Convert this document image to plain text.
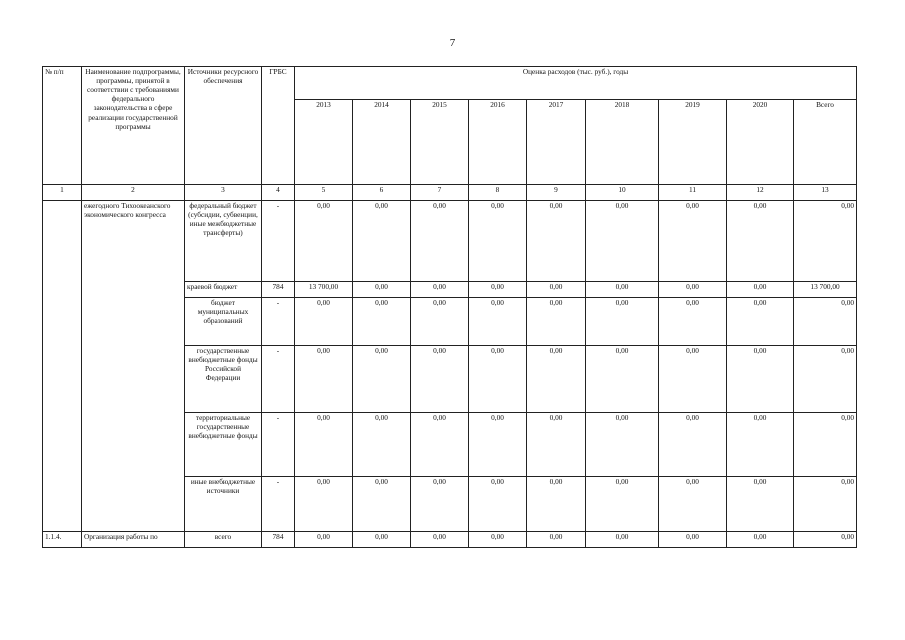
7
№ п/п	Наименование подпрограммы, программы, принятой в соответствии с требованиями федерального законодательства в сфере реализации государственной программы	Источники ресурсного обеспечения	ГРБС	Оценка расходов (тыс. руб.), годы								
				2013	2014	2015	2016	2017	2018	2019	2020	Всего
1	2	3	4	5	6	7	8	9	10	11	12	13
	ежегодного Тихоокеанского экономического конгресса	федеральный бюджет (субсидии, субвенции, иные межбюджетные трансферты)	-	0,00	0,00	0,00	0,00	0,00	0,00	0,00	0,00	0,00
		краевой бюджет	784	13 700,00	0,00	0,00	0,00	0,00	0,00	0,00	0,00	13 700,00
		бюджет муниципальных образований	-	0,00	0,00	0,00	0,00	0,00	0,00	0,00	0,00	0,00
		государственные внебюджетные фонды Российской Федерации	-	0,00	0,00	0,00	0,00	0,00	0,00	0,00	0,00	0,00
		территориальные государственные внебюджетные фонды	-	0,00	0,00	0,00	0,00	0,00	0,00	0,00	0,00	0,00
		иные внебюджетные источники	-	0,00	0,00	0,00	0,00	0,00	0,00	0,00	0,00	0,00
1.1.4.	Организация работы по	всего	784	0,00	0,00	0,00	0,00	0,00	0,00	0,00	0,00	0,00
